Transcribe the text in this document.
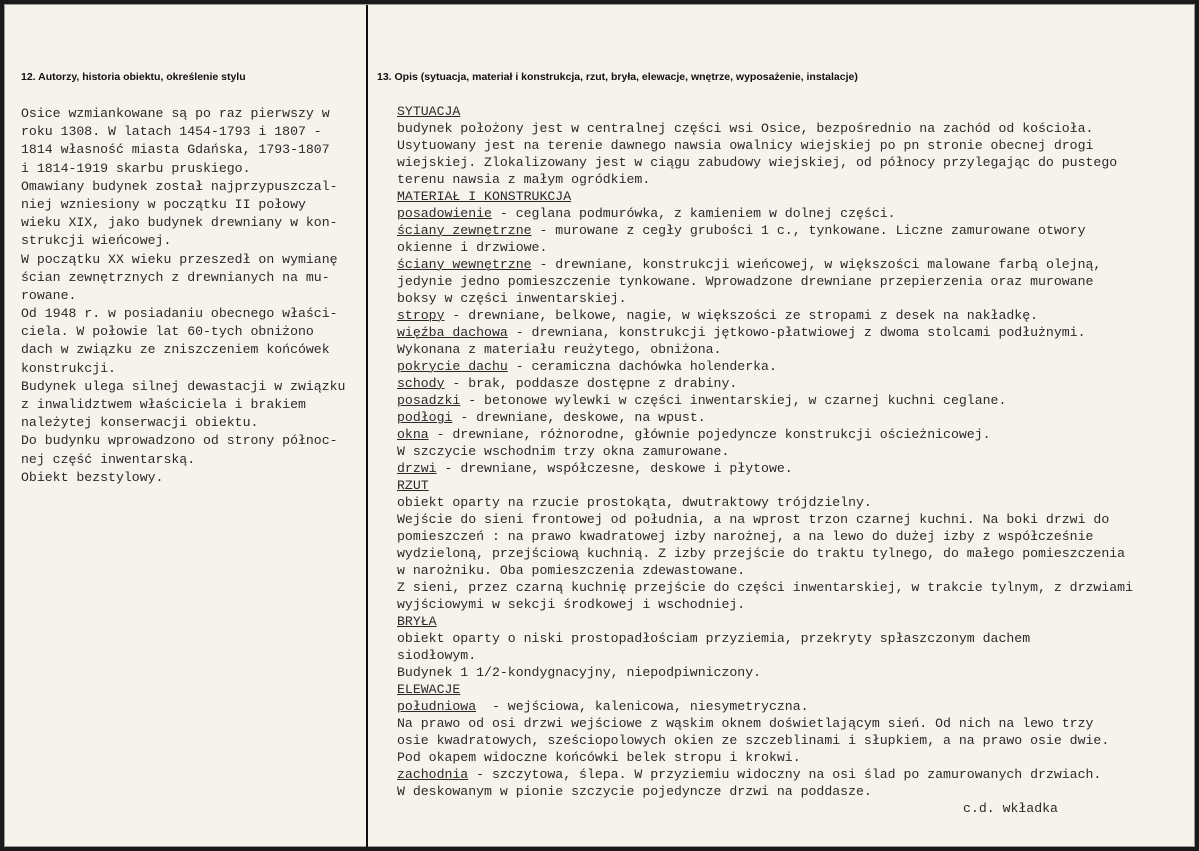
12. Autorzy, historia obiektu, określenie stylu	13. Opis (sytuacja, materiał i konstrukcja, rzut, bryła, elewacje, wnętrze, wyposażenie, instalacje)
Osice wzmiankowane są po raz pierwszy w
roku 1308. W latach 1454-1793 i 1807 -
1814 własność miasta Gdańska, 1793-1807
i 1814-1919 skarbu pruskiego.
Omawiany budynek został najprzypuszczal-
niej wzniesiony w początku II połowy
wieku XIX, jako budynek drewniany w kon-
strukcji wieńcowej.
W początku XX wieku przeszedł on wymianę
ścian zewnętrznych z drewnianych na mu-
rowane.
Od 1948 r. w posiadaniu obecnego właści-
ciela. W połowie lat 60-tych obniżono
dach w związku ze zniszczeniem końcówek
konstrukcji.
Budynek ulega silnej dewastacji w związku
z inwalidztwem właściciela i brakiem
należytej konserwacji obiektu.
Do budynku wprowadzono od strony północ-
nej część inwentarską.
Obiekt bezstylowy.
SYTUACJA
budynek położony jest w centralnej części wsi Osice, bezpośrednio na zachód od kościoła.
Usytuowany jest na terenie dawnego nawsia owalnicy wiejskiej po pn stronie obecnej drogi
wiejskiej. Zlokalizowany jest w ciągu zabudowy wiejskiej, od północy przylegając do pustego
terenu nawsia z małym ogródkiem.
MATERIAŁ I KONSTRUKCJA
posadowienie - ceglana podmurówka, z kamieniem w dolnej części.
ściany zewnętrzne - murowane z cegły grubości 1 c., tynkowane. Liczne zamurowane otwory
okienne i drzwiowe.
ściany wewnętrzne - drewniane, konstrukcji wieńcowej, w większości malowane farbą olejną,
jedynie jedno pomieszczenie tynkowane. Wprowadzone drewniane przepierzenia oraz murowane
boksy w części inwentarskiej.
stropy - drewniane, belkowe, nagie, w większości ze stropami z desek na nakładkę.
więźba dachowa - drewniana, konstrukcji jętkowo-płatwiowej z dwoma stolcami podłużnymi.
Wykonana z materiału reużytego, obniżona.
pokrycie dachu - ceramiczna dachówka holenderka.
schody - brak, poddasze dostępne z drabiny.
posadzki - betonowe wylewki w części inwentarskiej, w czarnej kuchni ceglane.
podłogi - drewniane, deskowe, na wpust.
okna - drewniane, różnorodne, głównie pojedyncze konstrukcji ościeżnicowej.
W szczycie wschodnim trzy okna zamurowane.
drzwi - drewniane, współczesne, deskowe i płytowe.
RZUT
obiekt oparty na rzucie prostokąta, dwutraktowy trójdzielny.
Wejście do sieni frontowej od południa, a na wprost trzon czarnej kuchni. Na boki drzwi do
pomieszczeń : na prawo kwadratowej izby narożnej, a na lewo do dużej izby z współcześnie
wydzieloną, przejściową kuchnią. Z izby przejście do traktu tylnego, do małego pomieszczenia
w narożniku. Oba pomieszczenia zdewastowane.
Z sieni, przez czarną kuchnię przejście do części inwentarskiej, w trakcie tylnym, z drzwiami
wyjściowymi w sekcji środkowej i wschodniej.
BRYŁA
obiekt oparty o niski prostopadłościam przyziemia, przekryty spłaszczonym dachem
siodłowym.
Budynek 1 1/2-kondygnacyjny, niepodpiwniczony.
ELEWACJE
południowa  - wejściowa, kalenicowa, niesymetryczna.
Na prawo od osi drzwi wejściowe z wąskim oknem doświetlającym sień. Od nich na lewo trzy
osie kwadratowych, sześciopolowych okien ze szczeblinami i słupkiem, a na prawo osie dwie.
Pod okapem widoczne końcówki belek stropu i krokwi.
zachodnia - szczytowa, ślepa. W przyziemiu widoczny na osi ślad po zamurowanych drzwiach.
W deskowanym w pionie szczycie pojedyncze drzwi na poddasze.
c.d. wkładka
